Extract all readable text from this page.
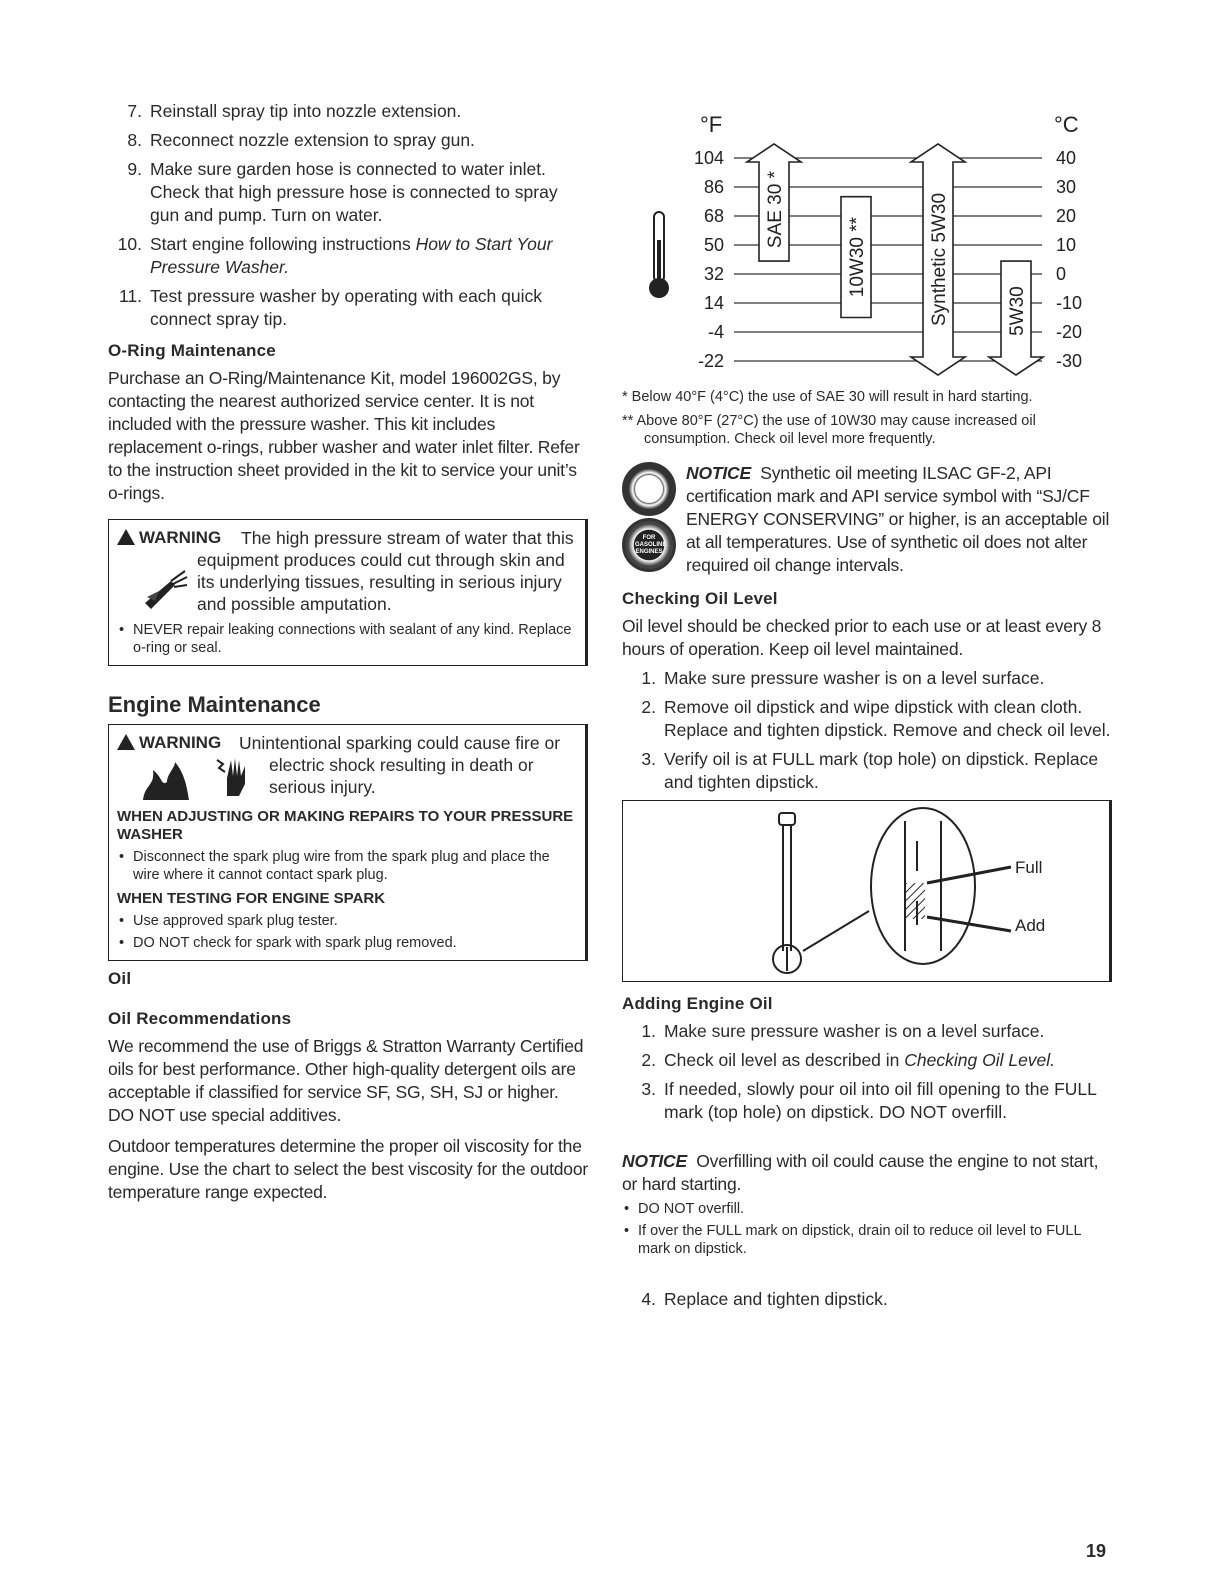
7. Reinstall spray tip into nozzle extension.
8. Reconnect nozzle extension to spray gun.
9. Make sure garden hose is connected to water inlet. Check that high pressure hose is connected to spray gun and pump. Turn on water.
10. Start engine following instructions How to Start Your Pressure Washer.
11. Test pressure washer by operating with each quick connect spray tip.
O-Ring Maintenance

Purchase an O-Ring/Maintenance Kit, model 196002GS, by contacting the nearest authorized service center. It is not included with the pressure washer. This kit includes replacement o-rings, rubber washer and water inlet filter. Refer to the instruction sheet provided in the kit to service your unit’s o-rings.

WARNING	The high pressure stream of water that this equipment produces could cut through skin and its underlying tissues, resulting in serious injury and possible amputation.
• NEVER repair leaking connections with sealant of any kind. Replace o-ring or seal.
Engine Maintenance
WARNING	Unintentional sparking could cause fire or electric shock resulting in death or serious injury.
WHEN ADJUSTING OR MAKING REPAIRS TO YOUR PRESSURE WASHER
• Disconnect the spark plug wire from the spark plug and place the wire where it cannot contact spark plug.
WHEN TESTING FOR ENGINE SPARK
• Use approved spark plug tester.
• DO NOT check for spark with spark plug removed.
Oil
Oil Recommendations

We recommend the use of Briggs & Stratton Warranty Certified oils for best performance. Other high-quality detergent oils are acceptable if classified for service SF, SG, SH, SJ or higher. DO NOT use special additives.

Outdoor temperatures determine the proper oil viscosity for the engine. Use the chart to select the best viscosity for the outdoor temperature range expected.

°F	°C
104	40
86	30
68	20
50	10
32	0
14	-10
-4	-20
-22	-30
SAE 30 *
10W30 **	Synthetic 5W30	5W30
* Below 40°F (4°C) the use of SAE 30 will result in hard starting.
** Above 80°F (27°C) the use of 10W30 may cause increased oil consumption. Check oil level more frequently.
FOR GASOLINE ENGINES
NOTICE Synthetic oil meeting ILSAC GF-2, API certification mark and API service symbol with “SJ/CF ENERGY CONSERVING” or higher, is an acceptable oil at all temperatures. Use of synthetic oil does not alter required oil change intervals.
Checking Oil Level

Oil level should be checked prior to each use or at least every 8 hours of operation. Keep oil level maintained.

1. Make sure pressure washer is on a level surface.
2. Remove oil dipstick and wipe dipstick with clean cloth. Replace and tighten dipstick. Remove and check oil level.
3. Verify oil is at FULL mark (top hole) on dipstick. Replace and tighten dipstick.
Full
Add
Adding Engine Oil
1. Make sure pressure washer is on a level surface.
2. Check oil level as described in Checking Oil Level.
3. If needed, slowly pour oil into oil fill opening to the FULL mark (top hole) on dipstick. DO NOT overfill.
NOTICE Overfilling with oil could cause the engine to not start, or hard starting.
• DO NOT overfill.
• If over the FULL mark on dipstick, drain oil to reduce oil level to FULL mark on dipstick.
4. Replace and tighten dipstick.
19
